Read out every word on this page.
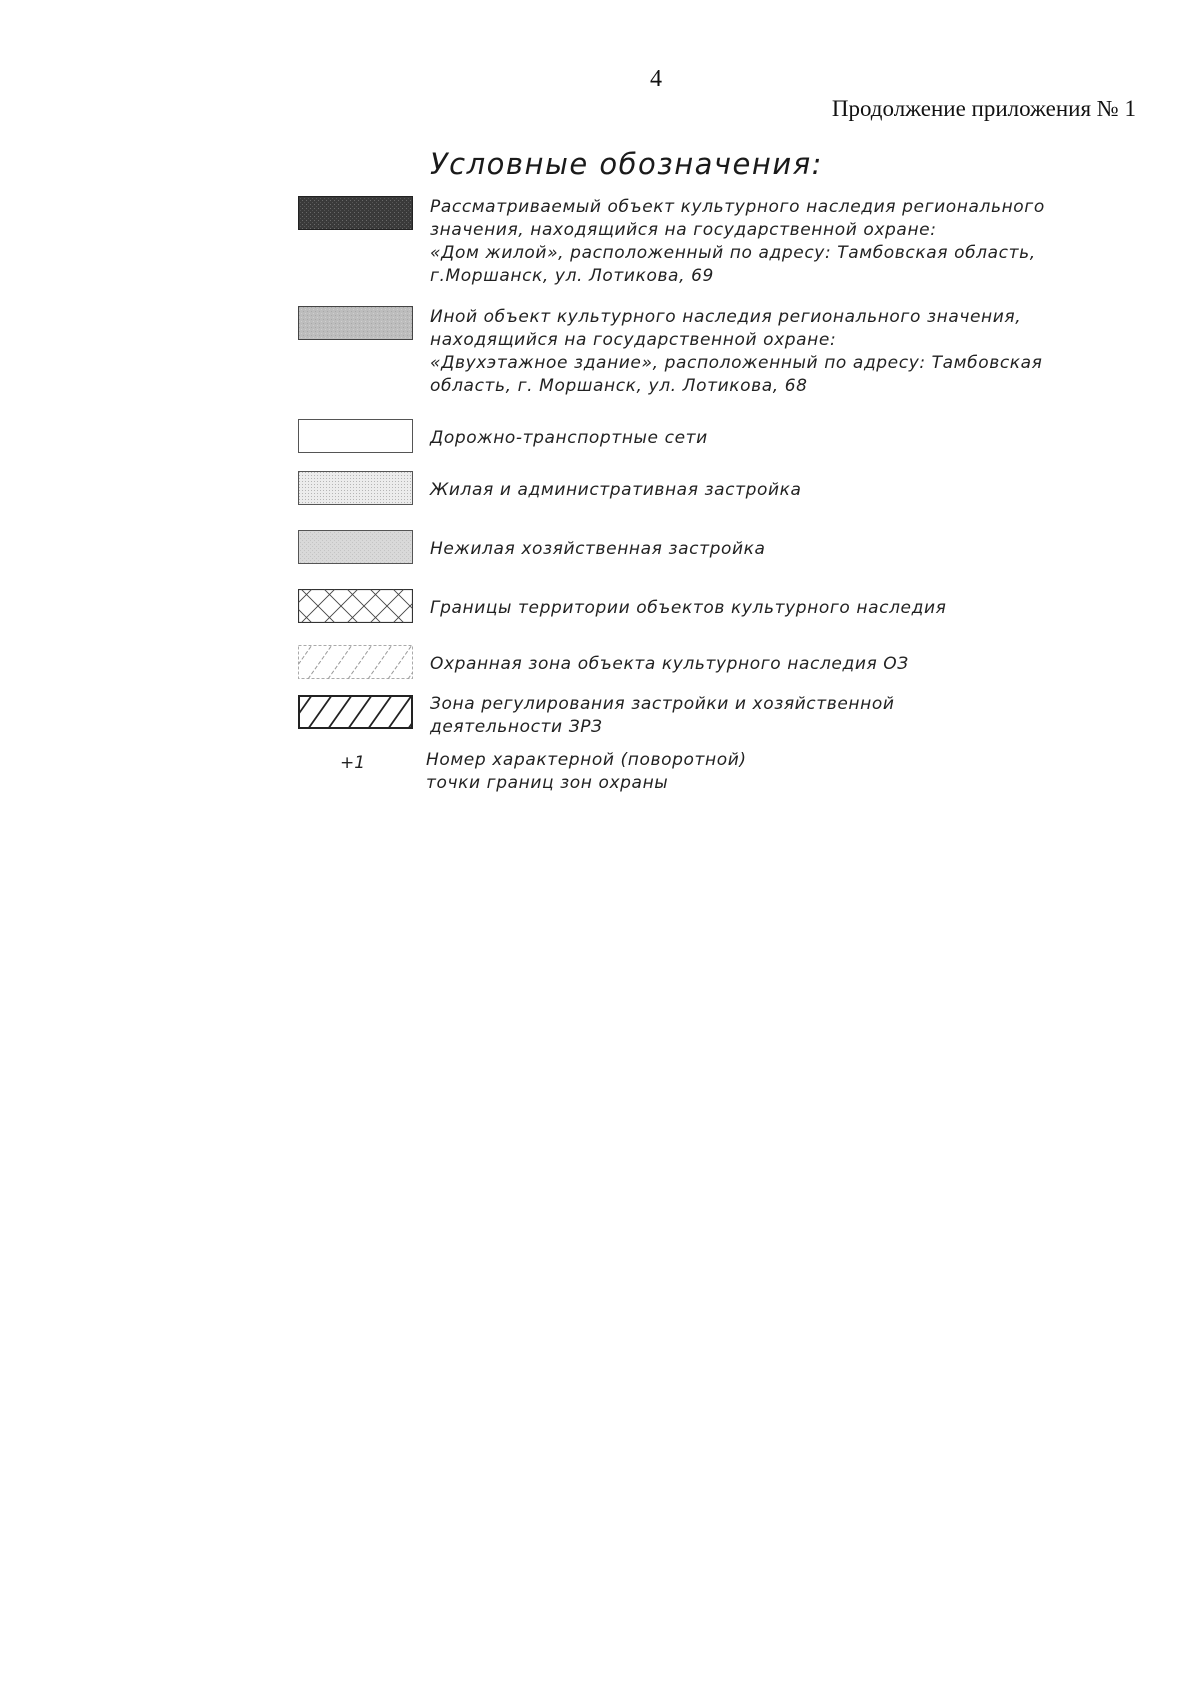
4
Продолжение приложения № 1
Условные обозначения:
Рассматриваемый объект культурного наследия регионального
значения, находящийся на государственной охране:
«Дом жилой», расположенный по адресу: Тамбовская область,
г.Моршанск, ул. Лотикова, 69
Иной объект культурного наследия регионального значения,
находящийся на государственной охране:
«Двухэтажное здание», расположенный по адресу: Тамбовская
область, г. Моршанск, ул. Лотикова, 68
Дорожно-транспортные сети
Жилая и административная застройка
Нежилая хозяйственная застройка
Границы территории объектов культурного наследия
Охранная зона объекта культурного наследия ОЗ
Зона регулирования застройки и хозяйственной
деятельности ЗРЗ
+1	Номер характерной (поворотной)
точки границ зон охраны
